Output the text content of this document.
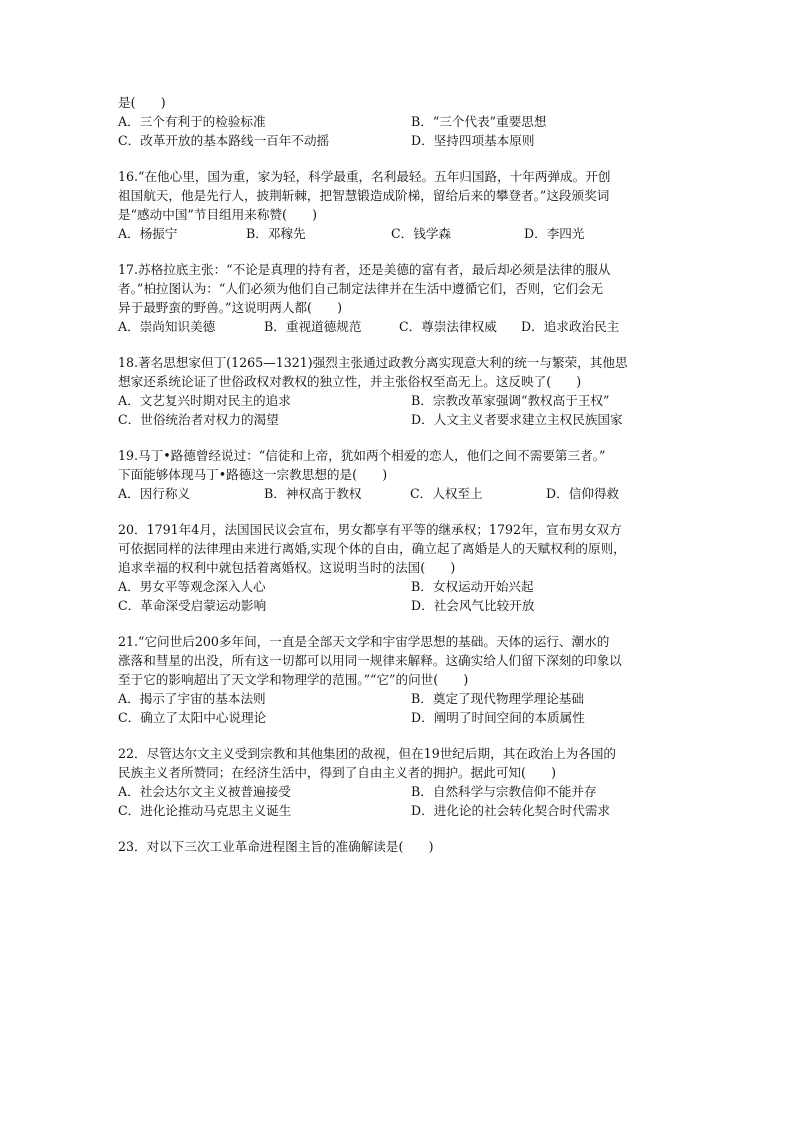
是(　　)
A．三个有利于的检验标准	B．“三个代表”重要思想
C．改革开放的基本路线一百年不动摇	D．坚持四项基本原则
16.“在他心里，国为重，家为轻，科学最重，名利最轻。五年归国路，十年两弹成。开创
祖国航天，他是先行人，披荆斩棘，把智慧锻造成阶梯，留给后来的攀登者。”这段颁奖词
是“感动中国”节目组用来称赞(　　)
A．杨振宁	B．邓稼先	C．钱学森	D．李四光
17.苏格拉底主张：“不论是真理的持有者，还是美德的富有者，最后却必须是法律的服从
者。”柏拉图认为：“人们必须为他们自己制定法律并在生活中遵循它们，否则，它们会无
异于最野蛮的野兽。”这说明两人都(　　)
A．崇尚知识美德	B．重视道德规范	C．尊崇法律权威 D．追求政治民主
18.著名思想家但丁(1265—1321)强烈主张通过政教分离实现意大利的统一与繁荣，其他思
想家还系统论证了世俗政权对教权的独立性，并主张俗权至高无上。这反映了(　　)
A．文艺复兴时期对民主的追求	B．宗教改革家强调“教权高于王权”
C．世俗统治者对权力的渴望	D．人文主义者要求建立主权民族国家
19.马丁•路德曾经说过：“信徒和上帝，犹如两个相爱的恋人，他们之间不需要第三者。”
下面能够体现马丁•路德这一宗教思想的是(　　)
A．因行称义	B．神权高于教权	C．人权至上	D．信仰得救
20．1791年4月，法国国民议会宣布，男女都享有平等的继承权；1792年，宣布男女双方
可依据同样的法律理由来进行离婚,实现个体的自由，确立起了离婚是人的天赋权利的原则，
追求幸福的权利中就包括着离婚权。这说明当时的法国(　　)
A．男女平等观念深入人心	B．女权运动开始兴起
C．革命深受启蒙运动影响	D．社会风气比较开放
21.“它问世后200多年间，一直是全部天文学和宇宙学思想的基础。天体的运行、潮水的
涨落和彗星的出没，所有这一切都可以用同一规律来解释。这确实给人们留下深刻的印象以
至于它的影响超出了天文学和物理学的范围。”“它”的问世(　　)
A．揭示了宇宙的基本法则	B．奠定了现代物理学理论基础
C．确立了太阳中心说理论	D．阐明了时间空间的本质属性
22．尽管达尔文主义受到宗教和其他集团的敌视，但在19世纪后期，其在政治上为各国的
民族主义者所赞同；在经济生活中，得到了自由主义者的拥护。据此可知(　　)
A．社会达尔文主义被普遍接受	B．自然科学与宗教信仰不能并存
C．进化论推动马克思主义诞生	D．进化论的社会转化契合时代需求
23．对以下三次工业革命进程图主旨的准确解读是(　　)
